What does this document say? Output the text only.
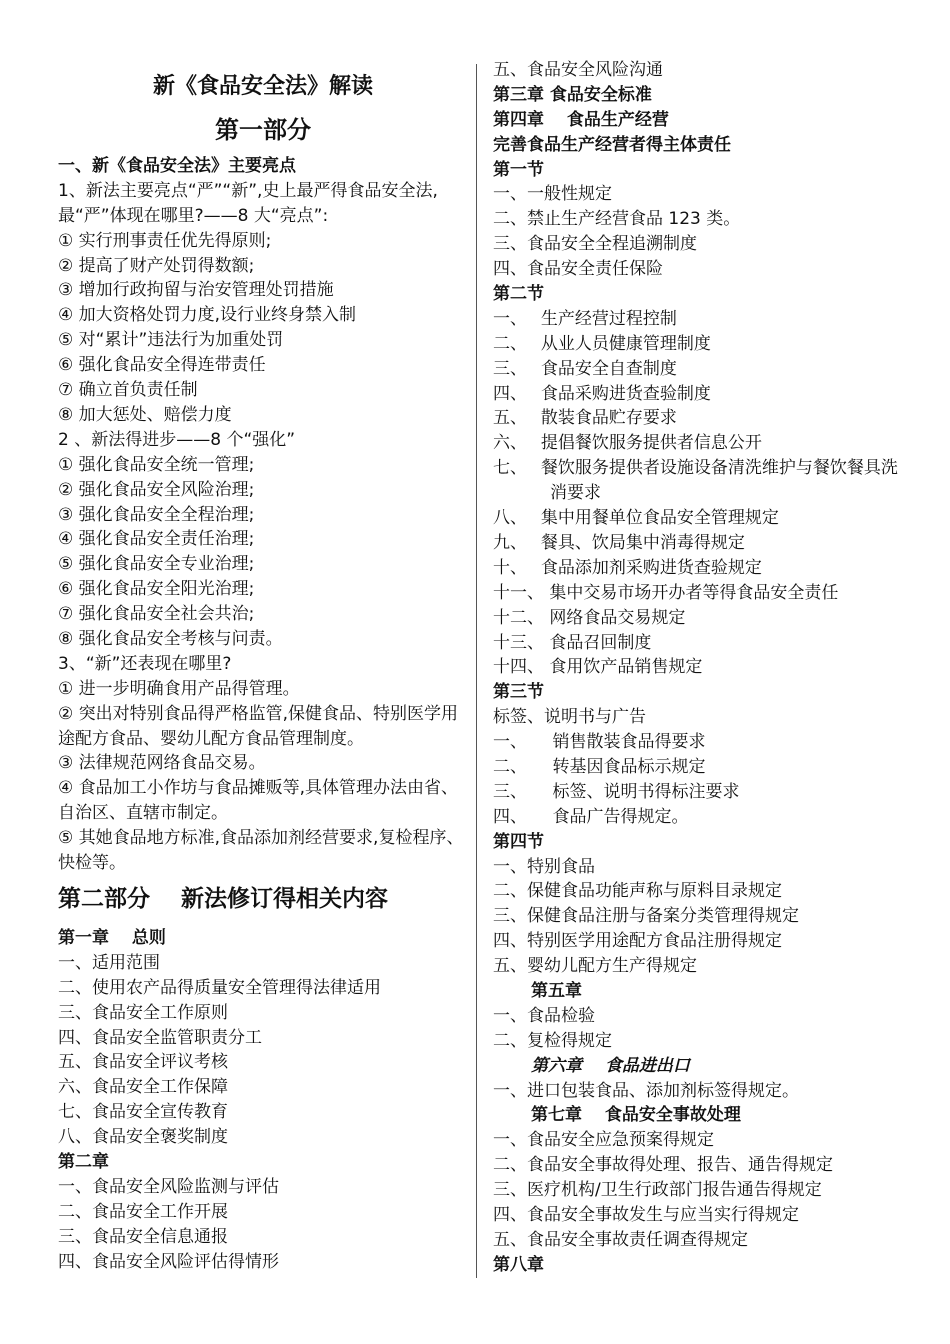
新《食品安全法》解读
第一部分
一、新《食品安全法》主要亮点
1、新法主要亮点“严”“新”,史上最严得食品安全法,最“严”体现在哪里?——8 大“亮点”:
① 实行刑事责任优先得原则;
② 提高了财产处罚得数额;
③ 增加行政拘留与治安管理处罚措施
④ 加大资格处罚力度,设行业终身禁入制
⑤ 对“累计”违法行为加重处罚
⑥ 强化食品安全得连带责任
⑦ 确立首负责任制
⑧ 加大惩处、赔偿力度
2 、新法得进步——8 个“强化”
① 强化食品安全统一管理;
② 强化食品安全风险治理;
③ 强化食品安全全程治理;
④ 强化食品安全责任治理;
⑤ 强化食品安全专业治理;
⑥ 强化食品安全阳光治理;
⑦ 强化食品安全社会共治;
⑧ 强化食品安全考核与问责。
3、“新”还表现在哪里?
① 进一步明确食用产品得管理。
② 突出对特别食品得严格监管,保健食品、特别医学用途配方食品、婴幼儿配方食品管理制度。
③ 法律规范网络食品交易。
④ 食品加工小作坊与食品摊贩等,具体管理办法由省、自治区、直辖市制定。
⑤ 其她食品地方标准,食品添加剂经营要求,复检程序、快检等。
第二部分　 新法修订得相关内容
第一章　 总则
一、适用范围
二、使用农产品得质量安全管理得法律适用
三、食品安全工作原则
四、食品安全监管职责分工
五、食品安全评议考核
六、食品安全工作保障
七、食品安全宣传教育
八、食品安全褒奖制度
第二章
一、食品安全风险监测与评估
二、食品安全工作开展
三、食品安全信息通报
四、食品安全风险评估得情形
五、食品安全风险沟通
第三章 食品安全标准
第四章　 食品生产经营
完善食品生产经营者得主体责任
第一节
一、一般性规定
二、禁止生产经营食品 123 类。
三、食品安全全程追溯制度
四、食品安全责任保险
第二节
一、　 生产经营过程控制
二、　 从业人员健康管理制度
三、　 食品安全自查制度
四、　 食品采购进货查验制度
五、　 散装食品贮存要求
六、　 提倡餐饮服务提供者信息公开
七、　 餐饮服务提供者设施设备清洗维护与餐饮餐具洗消要求
八、　 集中用餐单位食品安全管理规定
九、　 餐具、饮局集中消毒得规定
十、　 食品添加剂采购进货查验规定
十一、 集中交易市场开办者等得食品安全责任
十二、 网络食品交易规定
十三、 食品召回制度
十四、 食用饮产品销售规定
第三节
标签、说明书与广告
一、　　销售散装食品得要求
二、　　转基因食品标示规定
三、　　标签、说明书得标注要求
四、　　食品广告得规定。
第四节
一、特别食品
二、保健食品功能声称与原料目录规定
三、保健食品注册与备案分类管理得规定
四、特别医学用途配方食品注册得规定
五、婴幼儿配方生产得规定
第五章
一、食品检验
二、复检得规定
第六章　 食品进出口
一、进口包装食品、添加剂标签得规定。
第七章　 食品安全事故处理
一、食品安全应急预案得规定
二、食品安全事故得处理、报告、通告得规定
三、医疗机构/卫生行政部门报告通告得规定
四、食品安全事故发生与应当实行得规定
五、食品安全事故责任调查得规定
第八章
